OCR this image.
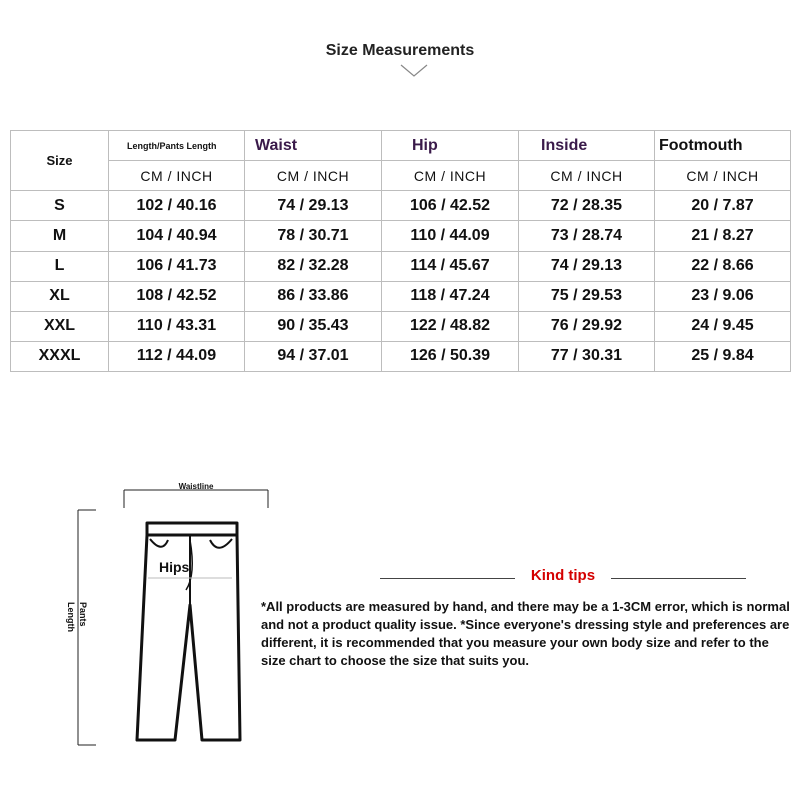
Size Measurements
Size	Length/Pants Length	Waist	Hip	Inside	Footmouth
	CM / INCH	CM / INCH	CM / INCH	CM / INCH	CM / INCH
S	102 / 40.16	74 / 29.13	106 / 42.52	72 / 28.35	20 / 7.87
M	104 / 40.94	78 / 30.71	110 / 44.09	73 / 28.74	21 / 8.27
L	106 / 41.73	82 / 32.28	114 / 45.67	74 / 29.13	22 / 8.66
XL	108 / 42.52	86 / 33.86	118 / 47.24	75 / 29.53	23 / 9.06
XXL	110 / 43.31	90 / 35.43	122 / 48.82	76 / 29.92	24 / 9.45
XXXL	112 / 44.09	94 / 37.01	126 / 50.39	77 / 30.31	25 / 9.84
Waistline
Pants
Length
Hips	Kind tips
*All products are measured by hand, and there may be a 1-3CM error, which is normal and not a product quality issue. *Since everyone's dressing style and preferences are different, it is recommended that you measure your own body size and refer to the size chart to choose the size that suits you.
